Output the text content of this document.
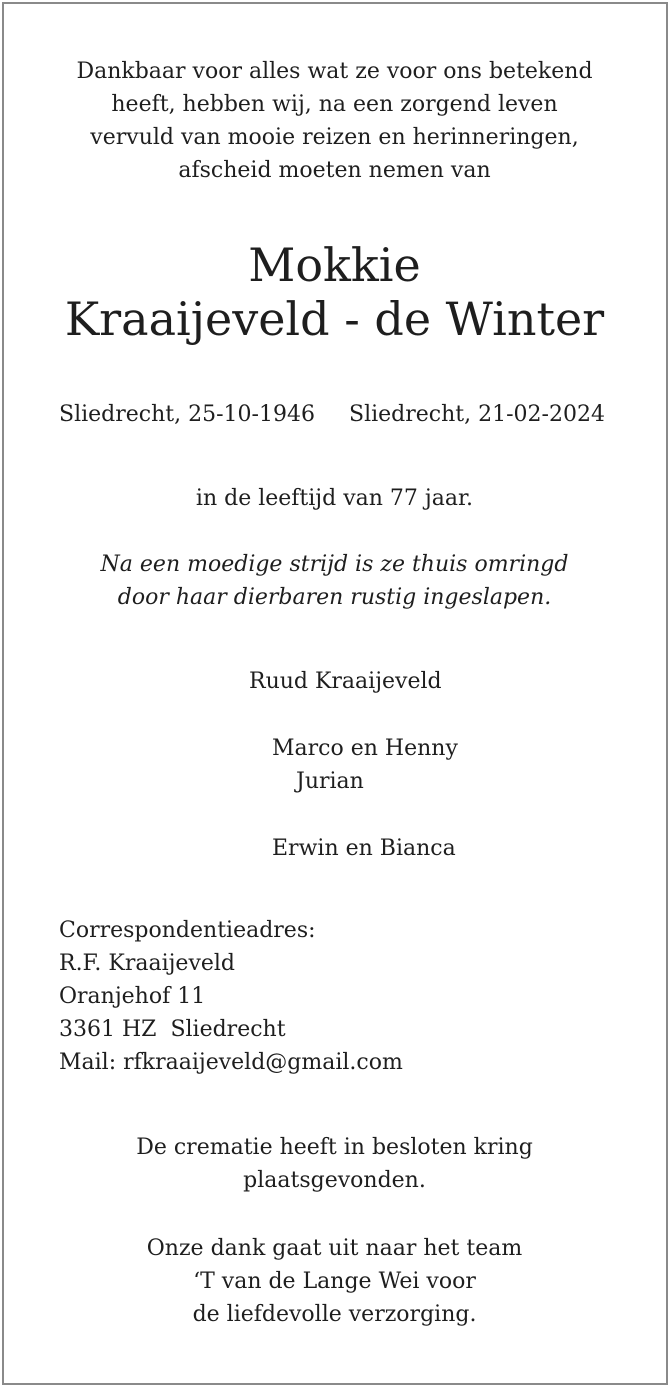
Dankbaar voor alles wat ze voor ons betekend
heeft, hebben wij, na een zorgend leven
vervuld van mooie reizen en herinneringen,
afscheid moeten nemen van

Mokkie
Kraaijeveld - de Winter
Sliedrecht, 25-10-1946 Sliedrecht, 21-02-2024

in de leeftijd van 77 jaar.

Na een moedige strijd is ze thuis omringd
door haar dierbaren rustig ingeslapen.

Ruud Kraaijeveld

Marco en Henny

Jurian

Erwin en Bianca

Correspondentieadres:
R.F. Kraaijeveld
Oranjehof 11
3361 HZ  Sliedrecht
Mail: rfkraaijeveld@gmail.com

De crematie heeft in besloten kring
plaatsgevonden.

Onze dank gaat uit naar het team
‘T van de Lange Wei voor
de liefdevolle verzorging.
